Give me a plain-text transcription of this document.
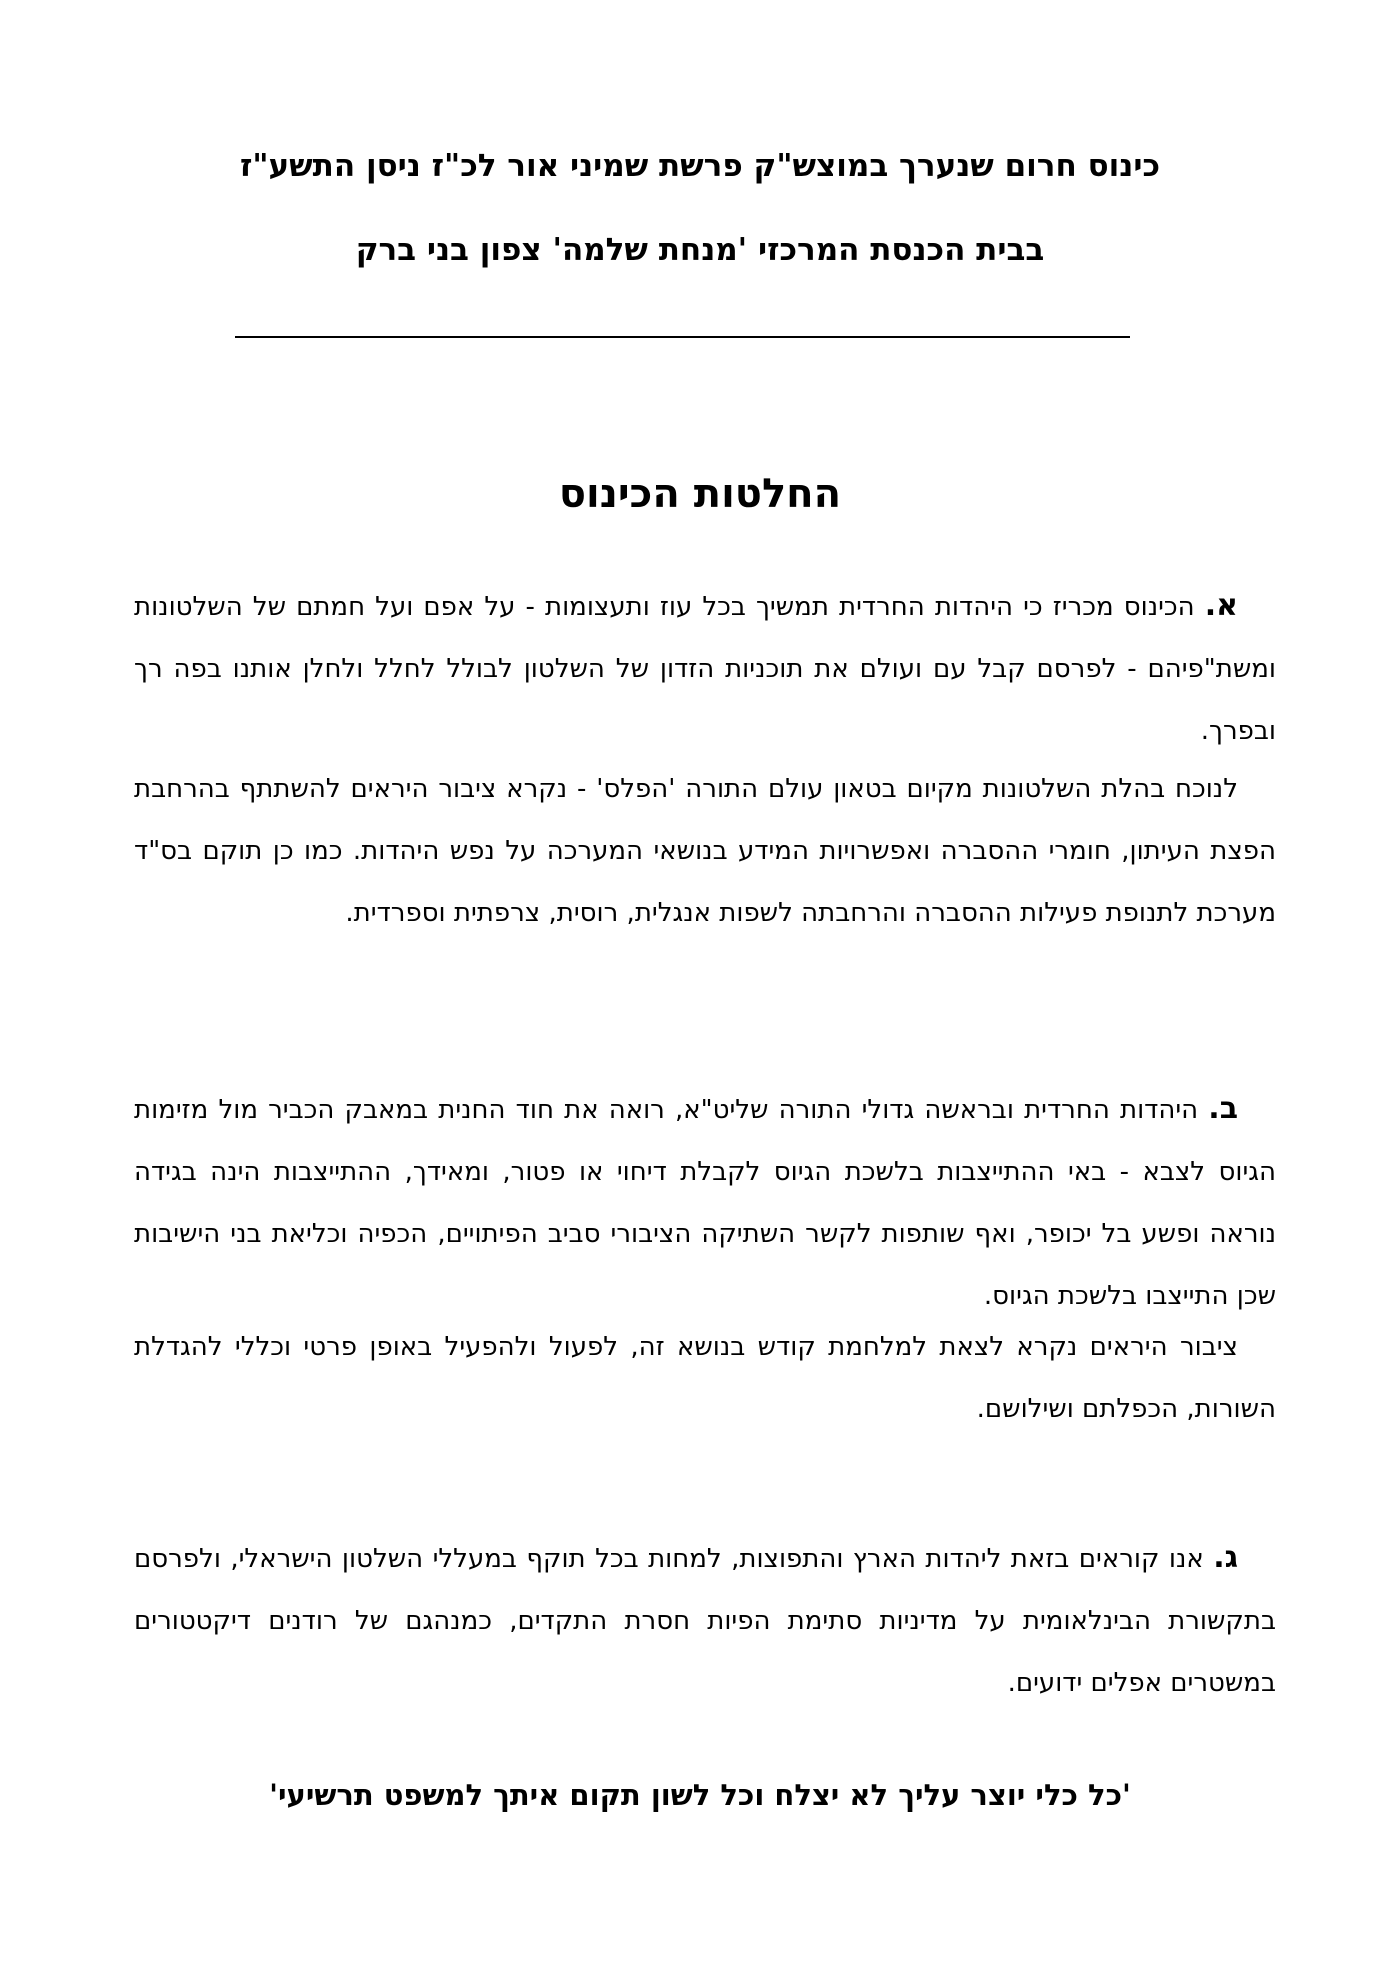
כינוס חרום שנערך במוצש"ק פרשת שמיני אור לכ"ז ניסן התשע"ז
בבית הכנסת המרכזי 'מנחת שלמה' צפון בני ברק
החלטות הכינוס

א. הכינוס מכריז כי היהדות החרדית תמשיך בכל עוז ותעצומות - על אפם ועל חמתם של השלטונות ומשת"פיהם - לפרסם קבל עם ועולם את תוכניות הזדון של השלטון לבולל לחלל ולחלן אותנו בפה רך ובפרך.

לנוכח בהלת השלטונות מקיום בטאון עולם התורה 'הפלס' - נקרא ציבור היראים להשתתף בהרחבת הפצת העיתון, חומרי ההסברה ואפשרויות המידע בנושאי המערכה על נפש היהדות. כמו כן תוקם בס"ד מערכת לתנופת פעילות ההסברה והרחבתה לשפות אנגלית, רוסית, צרפתית וספרדית.

ב. היהדות החרדית ובראשה גדולי התורה שליט"א, רואה את חוד החנית במאבק הכביר מול מזימות הגיוס לצבא - באי ההתייצבות בלשכת הגיוס לקבלת דיחוי או פטור, ומאידך, ההתייצבות הינה בגידה נוראה ופשע בל יכופר, ואף שותפות לקשר השתיקה הציבורי סביב הפיתויים, הכפיה וכליאת בני הישיבות שכן התייצבו בלשכת הגיוס.

ציבור היראים נקרא לצאת למלחמת קודש בנושא זה, לפעול ולהפעיל באופן פרטי וכללי להגדלת השורות, הכפלתם ושילושם.

ג. אנו קוראים בזאת ליהדות הארץ והתפוצות, למחות בכל תוקף במעללי השלטון הישראלי, ולפרסם בתקשורת הבינלאומית על מדיניות סתימת הפיות חסרת התקדים, כמנהגם של רודנים דיקטטורים במשטרים אפלים ידועים.

'כל כלי יוצר עליך לא יצלח וכל לשון תקום איתך למשפט תרשיעי'
